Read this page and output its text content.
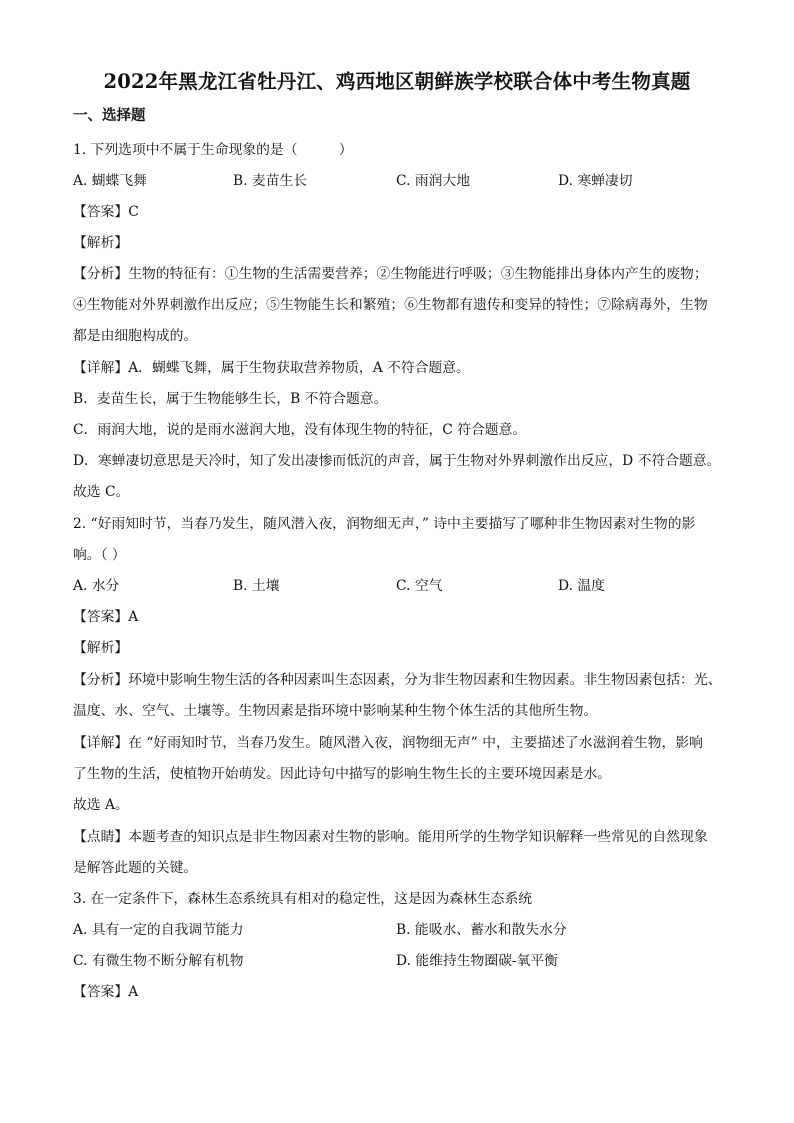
2022年黑龙江省牡丹江、鸡西地区朝鲜族学校联合体中考生物真题
一、选择题
1. 下列选项中不属于生命现象的是（　　　）
A. 蝴蝶飞舞	B. 麦苗生长	C. 雨润大地	D. 寒蝉凄切
【答案】C
【解析】
【分析】生物的特征有：①生物的生活需要营养；②生物能进行呼吸；③生物能排出身体内产生的废物；
④生物能对外界刺激作出反应；⑤生物能生长和繁殖；⑥生物都有遗传和变异的特性；⑦除病毒外，生物
都是由细胞构成的。
【详解】A．蝴蝶飞舞，属于生物获取营养物质，A 不符合题意。
B．麦苗生长，属于生物能够生长，B 不符合题意。
C．雨润大地，说的是雨水滋润大地，没有体现生物的特征，C 符合题意。
D．寒蝉凄切意思是天冷时，知了发出凄惨而低沉的声音，属于生物对外界刺激作出反应，D 不符合题意。
故选 C。
2. “好雨知时节，当春乃发生，随风潜入夜，润物细无声，” 诗中主要描写了哪种非生物因素对生物的影
响。（ ）
A. 水分	B. 土壤	C. 空气	D. 温度
【答案】A
【解析】
【分析】环境中影响生物生活的各种因素叫生态因素，分为非生物因素和生物因素。非生物因素包括：光、
温度、水、空气、土壤等。生物因素是指环境中影响某种生物个体生活的其他所生物。
【详解】在 “好雨知时节，当春乃发生。随风潜入夜，润物细无声” 中，主要描述了水滋润着生物，影响
了生物的生活，使植物开始萌发。因此诗句中描写的影响生物生长的主要环境因素是水。
故选 A。
【点睛】本题考查的知识点是非生物因素对生物的影响。能用所学的生物学知识解释一些常见的自然现象
是解答此题的关键。
3. 在一定条件下，森林生态系统具有相对的稳定性，这是因为森林生态系统
A. 具有一定的自我调节能力	B. 能吸水、蓄水和散失水分
C. 有微生物不断分解有机物	D. 能维持生物圈碳-氧平衡
【答案】A
